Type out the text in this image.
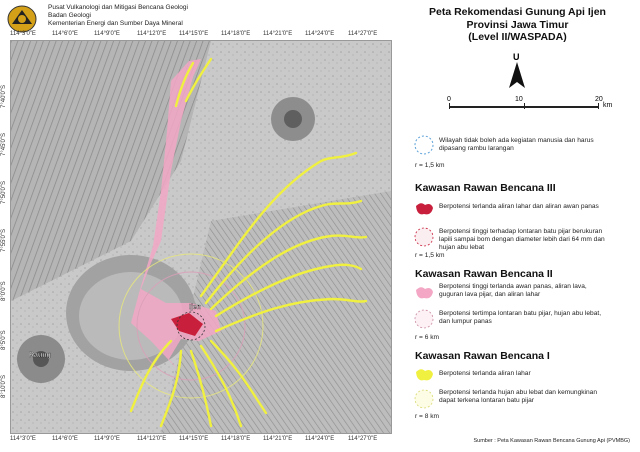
Pusat Vulkanologi dan Mitigasi Bencana Geologi
Badan Geologi
Kementerian Energi dan Sumber Daya Mineral
114°3'0"E	114°6'0"E	114°9'0"E	114°12'0"E 114°15'0"E 114°18'0"E 114°21'0"E 114°24'0"E 114°27'0"E
114°3'0"E	114°6'0"E	114°9'0"E	114°12'0"E 114°15'0"E 114°18'0"E 114°21'0"E 114°24'0"E 114°27'0"E
7°40'0"S
7°45'0"S
7°50'0"S
7°55'0"S
8°0'0"S
8°5'0"S
8°10'0"S
Ijen
Raung
Peta Rekomendasi Gunung Api Ijen
Provinsi Jawa Timur
(Level II/WASPADA)
U
0	10	20
km
Wilayah tidak boleh ada kegiatan manusia dan harus dipasang rambu larangan
r = 1,5 km
Kawasan Rawan Bencana III
Berpotensi terlanda aliran lahar dan aliran awan panas
Berpotensi tinggi terhadap lontaran batu pijar berukuran lapili sampai bom dengan diameter lebih dari 64 mm dan hujan abu lebat
r = 1,5 km
Kawasan Rawan Bencana II
Berpotensi tinggi terlanda awan panas, aliran lava, guguran lava pijar, dan aliran lahar
Berpotensi tertimpa lontaran batu pijar, hujan abu lebat, dan lumpur panas
r = 6 km
Kawasan Rawan Bencana I
Berpotensi terlanda aliran lahar
Berpotensi terlanda hujan abu lebat dan kemungkinan dapat terkena lontaran batu pijar
r = 8 km
Sumber : Peta Kawasan Rawan Bencana Gunung Api (PVMBG)
